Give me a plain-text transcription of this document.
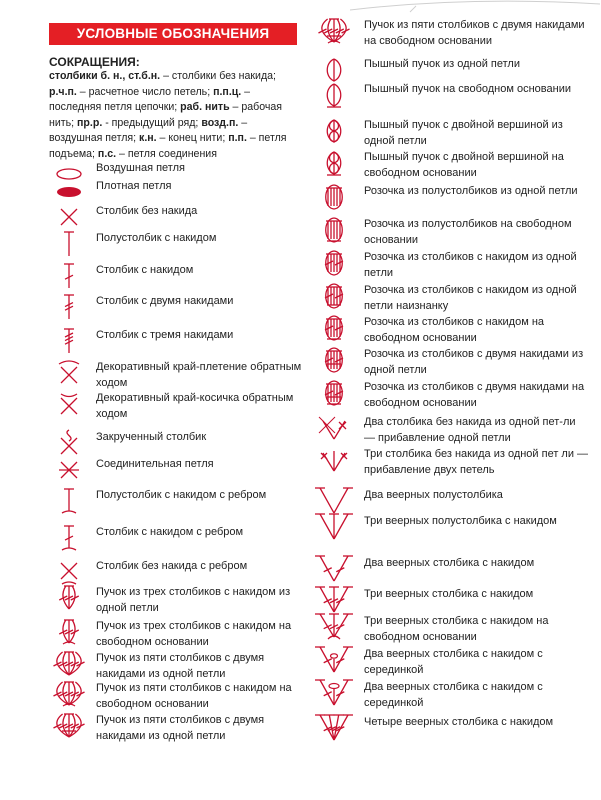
УСЛОВНЫЕ ОБОЗНАЧЕНИЯ ПЕТЕЛЬ
СОКРАЩЕНИЯ:
столбики б. н., ст.б.н. – столбики без накида; р.ч.п. – расчетное число петель; п.п.ц. – последняя петля цепочки; раб. нить – рабочая нить; пр.р. - предыдущий ряд; возд.п. – воздушная петля; к.н. – конец нити; п.п. – петля подъема; п.с. – петля соединения
Воздушная петля
Плотная петля
Столбик без накида
Полустолбик с накидом
Столбик с накидом
Столбик с двумя накидами
Столбик с тремя накидами
Декоративный край-плетение обратным ходом
Декоративный край-косичка обратным ходом
Закрученный столбик
Соединительная петля
Полустолбик с накидом с ребром
Столбик с накидом с ребром
Столбик без накида с ребром
Пучок из трех столбиков с накидом из одной петли
Пучок из трех столбиков с накидом на свободном основании
Пучок из пяти столбиков с двумя накидами из одной петли
Пучок из пяти столбиков с накидом на свободном основании
Пучок из пяти столбиков с двумя накидами из одной петли
Пучок из пяти столбиков с двумя накидами на свободном основании
Пышный пучок из одной петли
Пышный пучок на свободном основании
Пышный пучок с двойной вершиной из одной петли
Пышный пучок с двойной вершиной на свободном основании
Розочка из полустолбиков из одной петли
Розочка из полустолбиков на свободном основании
Розочка из столбиков с накидом из одной петли
Розочка из столбиков с накидом из одной петли наизнанку
Розочка из столбиков с накидом на свободном основании
Розочка из столбиков с двумя накидами из одной петли
Розочка из столбиков с двумя накидами на свободном основании
Два столбика без накида из одной пет-ли — прибавление одной петли
Три столбика без накида из одной пет ли — прибавление двух петель
Два веерных полустолбика
Три веерных полустолбика с накидом
Два веерных столбика с накидом
Три веерных столбика с накидом
Три веерных столбика с накидом на свободном основании
Два веерных столбика с накидом с серединкой
Два веерных столбика с накидом с серединкой
Четыре веерных столбика с накидом
